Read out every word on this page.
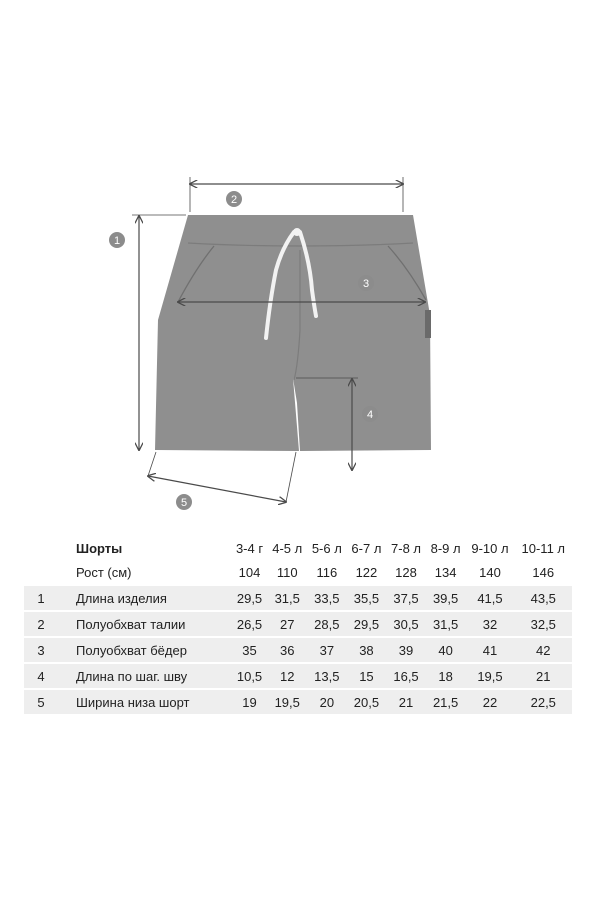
2
1
3
4
5
	Шорты	3-4 г	4-5 л	5-6 л	6-7 л	7-8 л	8-9 л	9-10 л	10-11 л
	Рост (см)	104	110	116	122	128	134	140	146

1	Длина изделия	29,5	31,5	33,5	35,5	37,5	39,5	41,5	43,5

2	Полуобхват талии	26,5	27	28,5	29,5	30,5	31,5	32	32,5

3	Полуобхват бёдер	35	36	37	38	39	40	41	42

4	Длина по шаг. шву	10,5	12	13,5	15	16,5	18	19,5	21

5	Ширина низа шорт	19	19,5	20	20,5	21	21,5	22	22,5
